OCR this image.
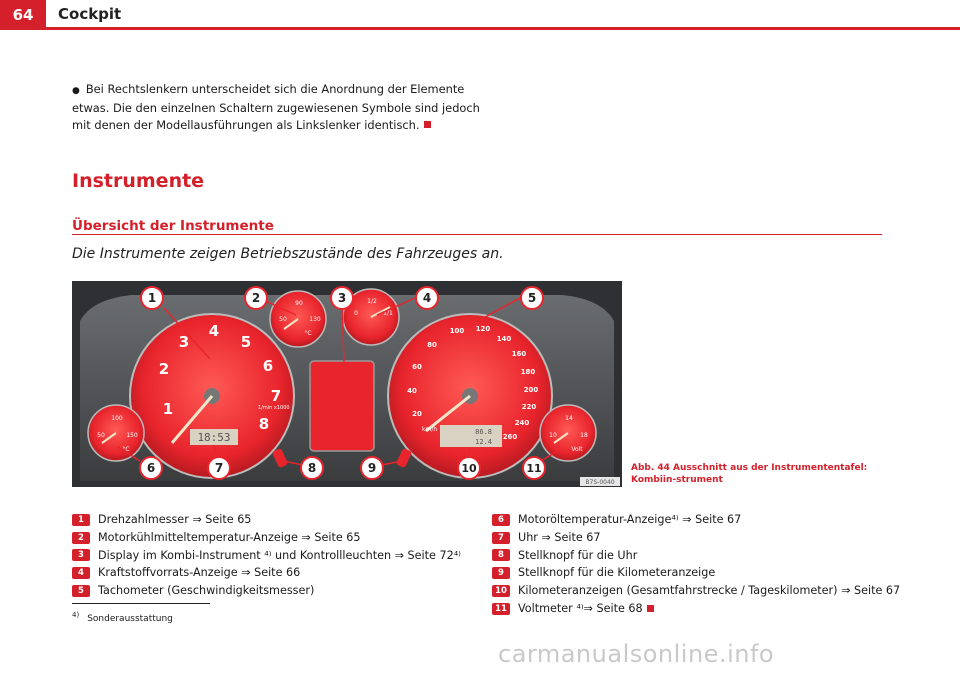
64	Cockpit
● Bei Rechtslenkern unterscheidet sich die Anordnung der Elemente etwas. Die den einzelnen Schaltern zugewiesenen Symbole sind jedoch mit denen der Modellausführungen als Linkslenker identisch.
Instrumente
Übersicht der Instrumente
Die Instrumente zeigen Betriebszustände des Fahrzeuges an.
1
2
3
4
5
6
7
8
1/min x1000
18:53
50
90
130
°C
0
1/2
1/1
20
40
60
80
100 120
140
160
180
200
220
240
260
km/h	86.8
12.4
50
100
150
°C
10
14
18
Volt
1	2	3	4	5
6	7	8	9	10	11
B7S-0040
Abb. 44 Ausschnitt aus der Instrumententafel: Kombiin-strument
1	Drehzahlmesser ⇒ Seite 65
2	Motorkühlmitteltemperatur-Anzeige ⇒ Seite 65
3	Display im Kombi-Instrument ⁴⁾ und Kontrollleuchten ⇒ Seite 72⁴⁾
4	Kraftstoffvorrats-Anzeige ⇒ Seite 66
5	Tachometer (Geschwindigkeitsmesser)
6	Motoröltemperatur-Anzeige⁴⁾ ⇒ Seite 67
7	Uhr ⇒ Seite 67
8	Stellknopf für die Uhr
9	Stellknopf für die Kilometeranzeige
10 Kilometeranzeigen (Gesamtfahrstrecke / Tageskilometer) ⇒ Seite 67
11 Voltmeter ⁴⁾⇒ Seite 68
$^{4)}$ Sonderausstattung
carmanualsonline.info
